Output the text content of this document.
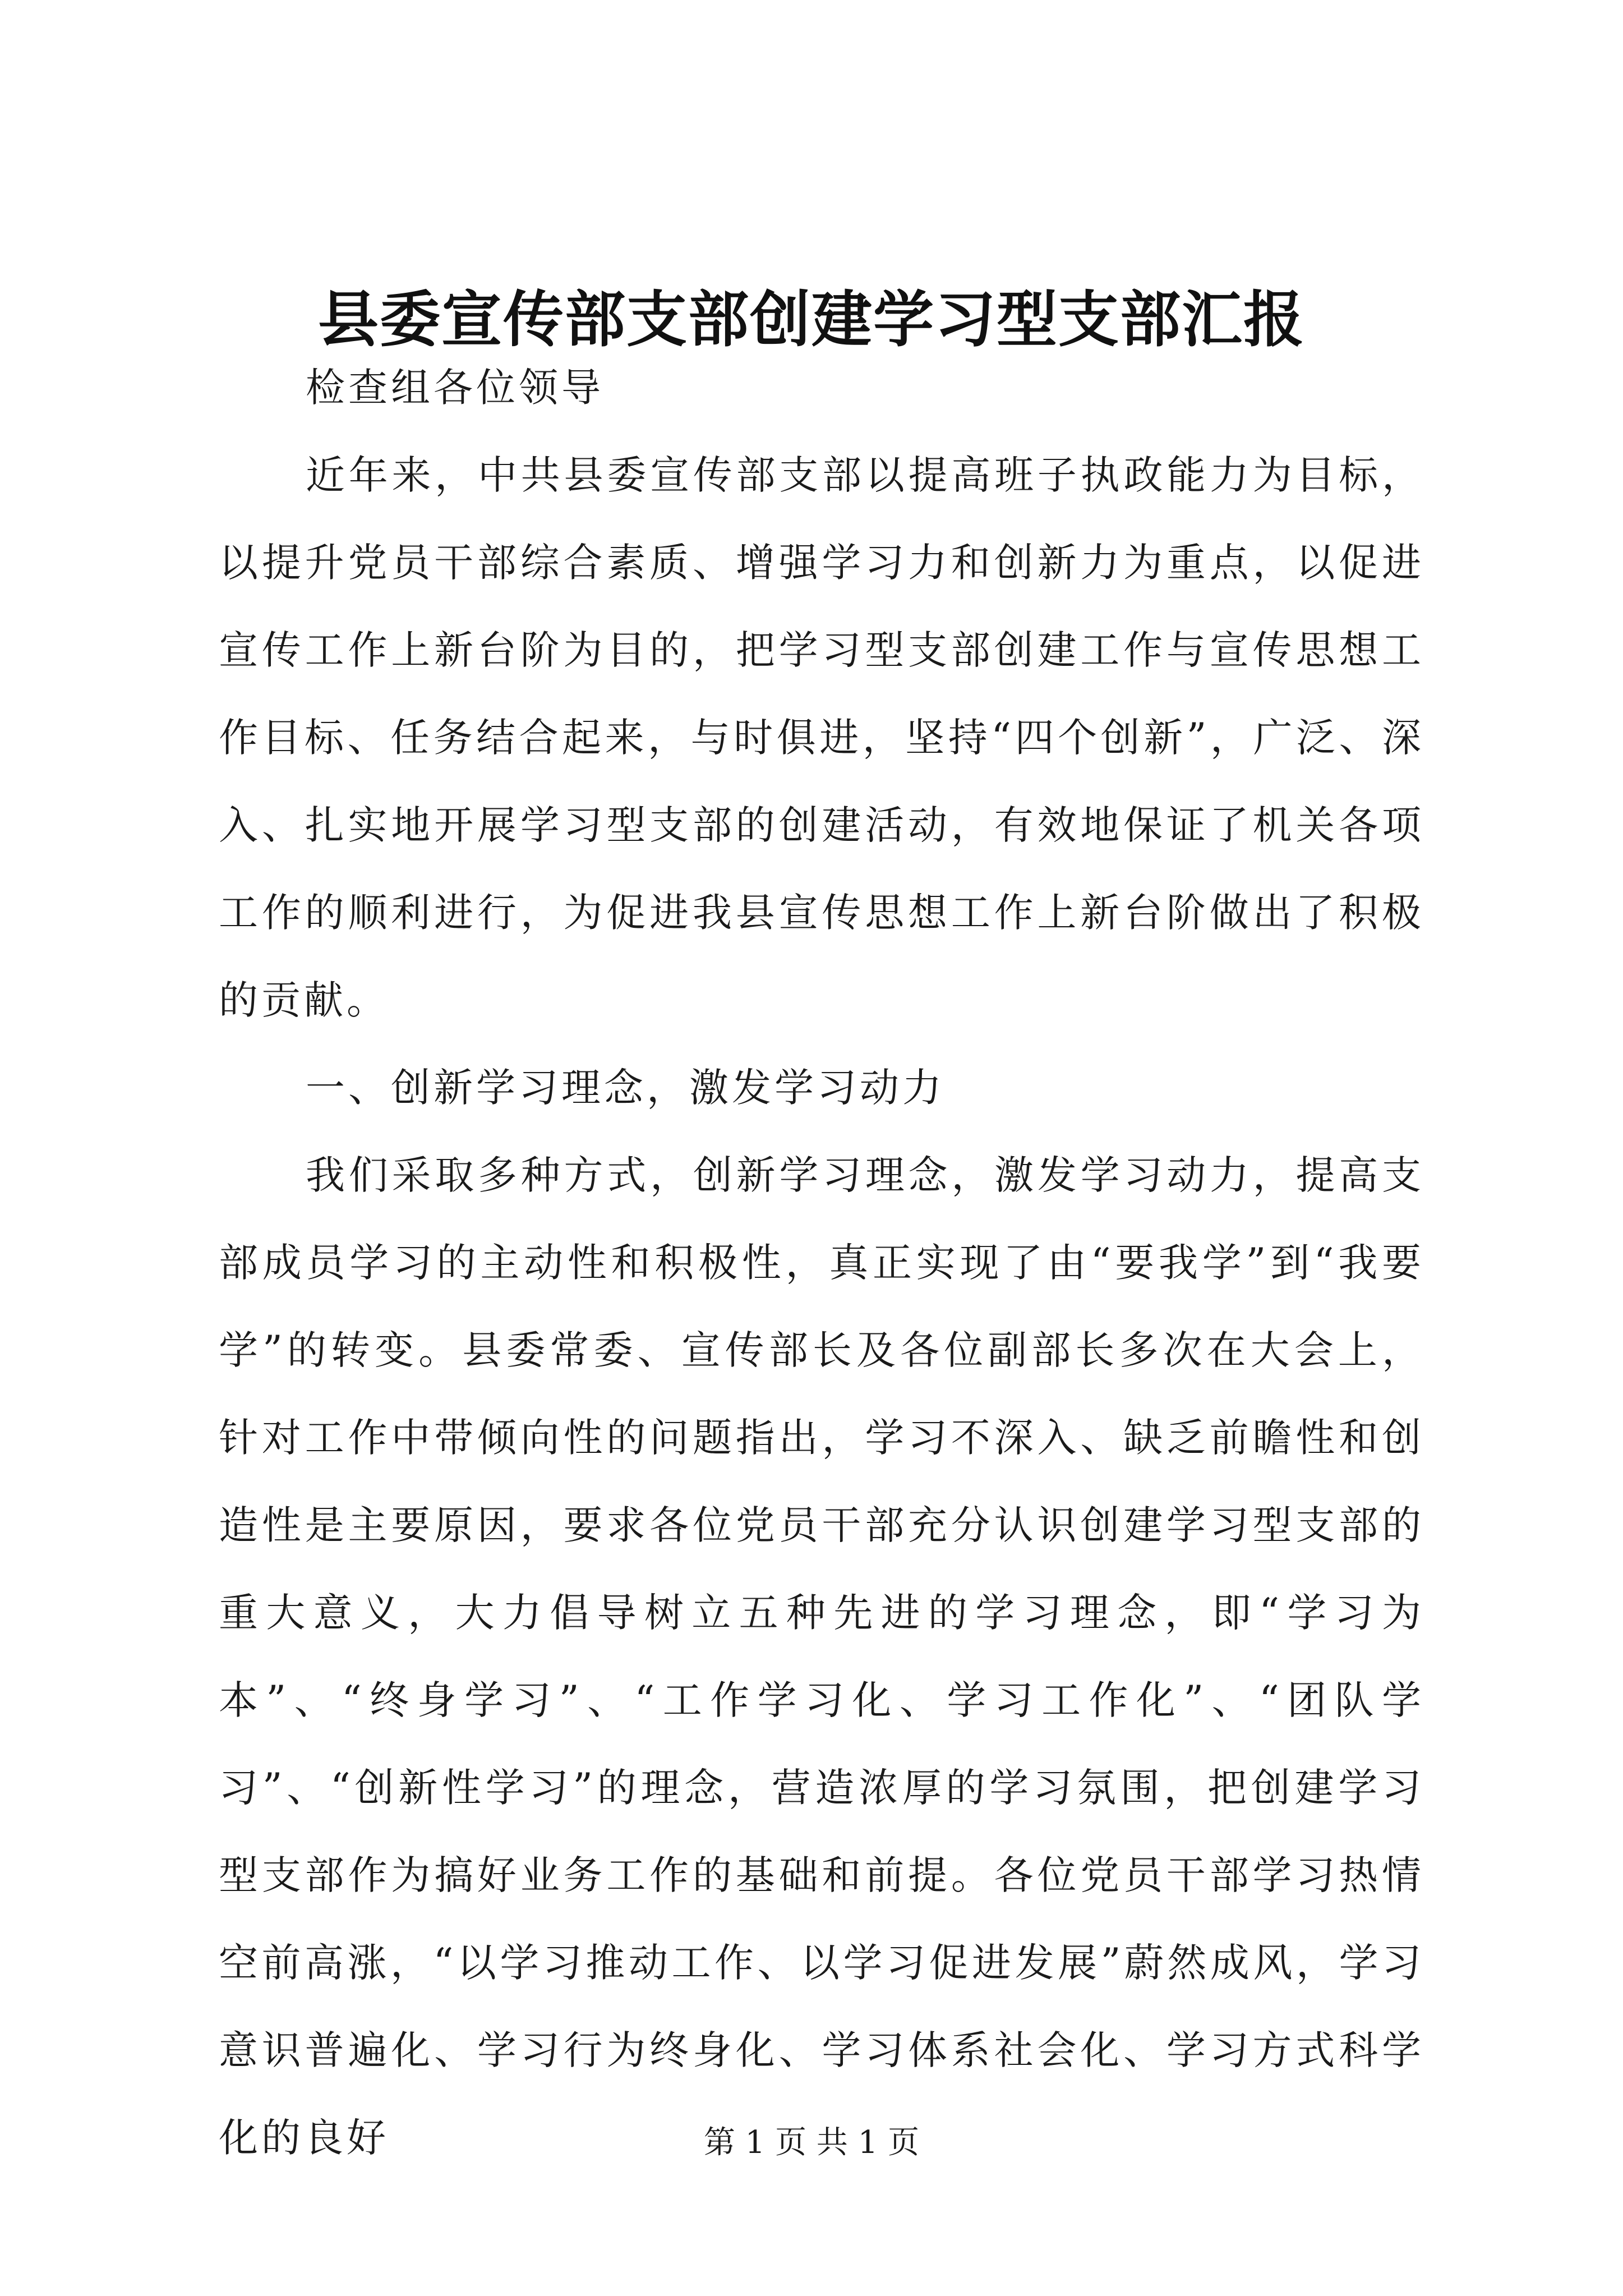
县委宣传部支部创建学习型支部汇报

检查组各位领导

近年来，中共县委宣传部支部以提高班子执政能力为目标，以提升党员干部综合素质、增强学习力和创新力为重点，以促进宣传工作上新台阶为目的，把学习型支部创建工作与宣传思想工作目标、任务结合起来，与时俱进，坚持“四个创新”，广泛、深入、扎实地开展学习型支部的创建活动，有效地保证了机关各项工作的顺利进行，为促进我县宣传思想工作上新台阶做出了积极的贡献。

一、创新学习理念，激发学习动力

我们采取多种方式，创新学习理念，激发学习动力，提高支部成员学习的主动性和积极性，真正实现了由“要我学”到“我要学”的转变。县委常委、宣传部长及各位副部长多次在大会上，针对工作中带倾向性的问题指出，学习不深入、缺乏前瞻性和创造性是主要原因，要求各位党员干部充分认识创建学习型支部的重大意义，大力倡导树立五种先进的学习理念，即“学习为本”、“终身学习”、“工作学习化、学习工作化”、“团队学习”、“创新性学习”的理念，营造浓厚的学习氛围，把创建学习型支部作为搞好业务工作的基础和前提。各位党员干部学习热情空前高涨，“以学习推动工作、以学习促进发展”蔚然成风，学习意识普遍化、学习行为终身化、学习体系社会化、学习方式科学化的良好	第 1 页 共 1 页
